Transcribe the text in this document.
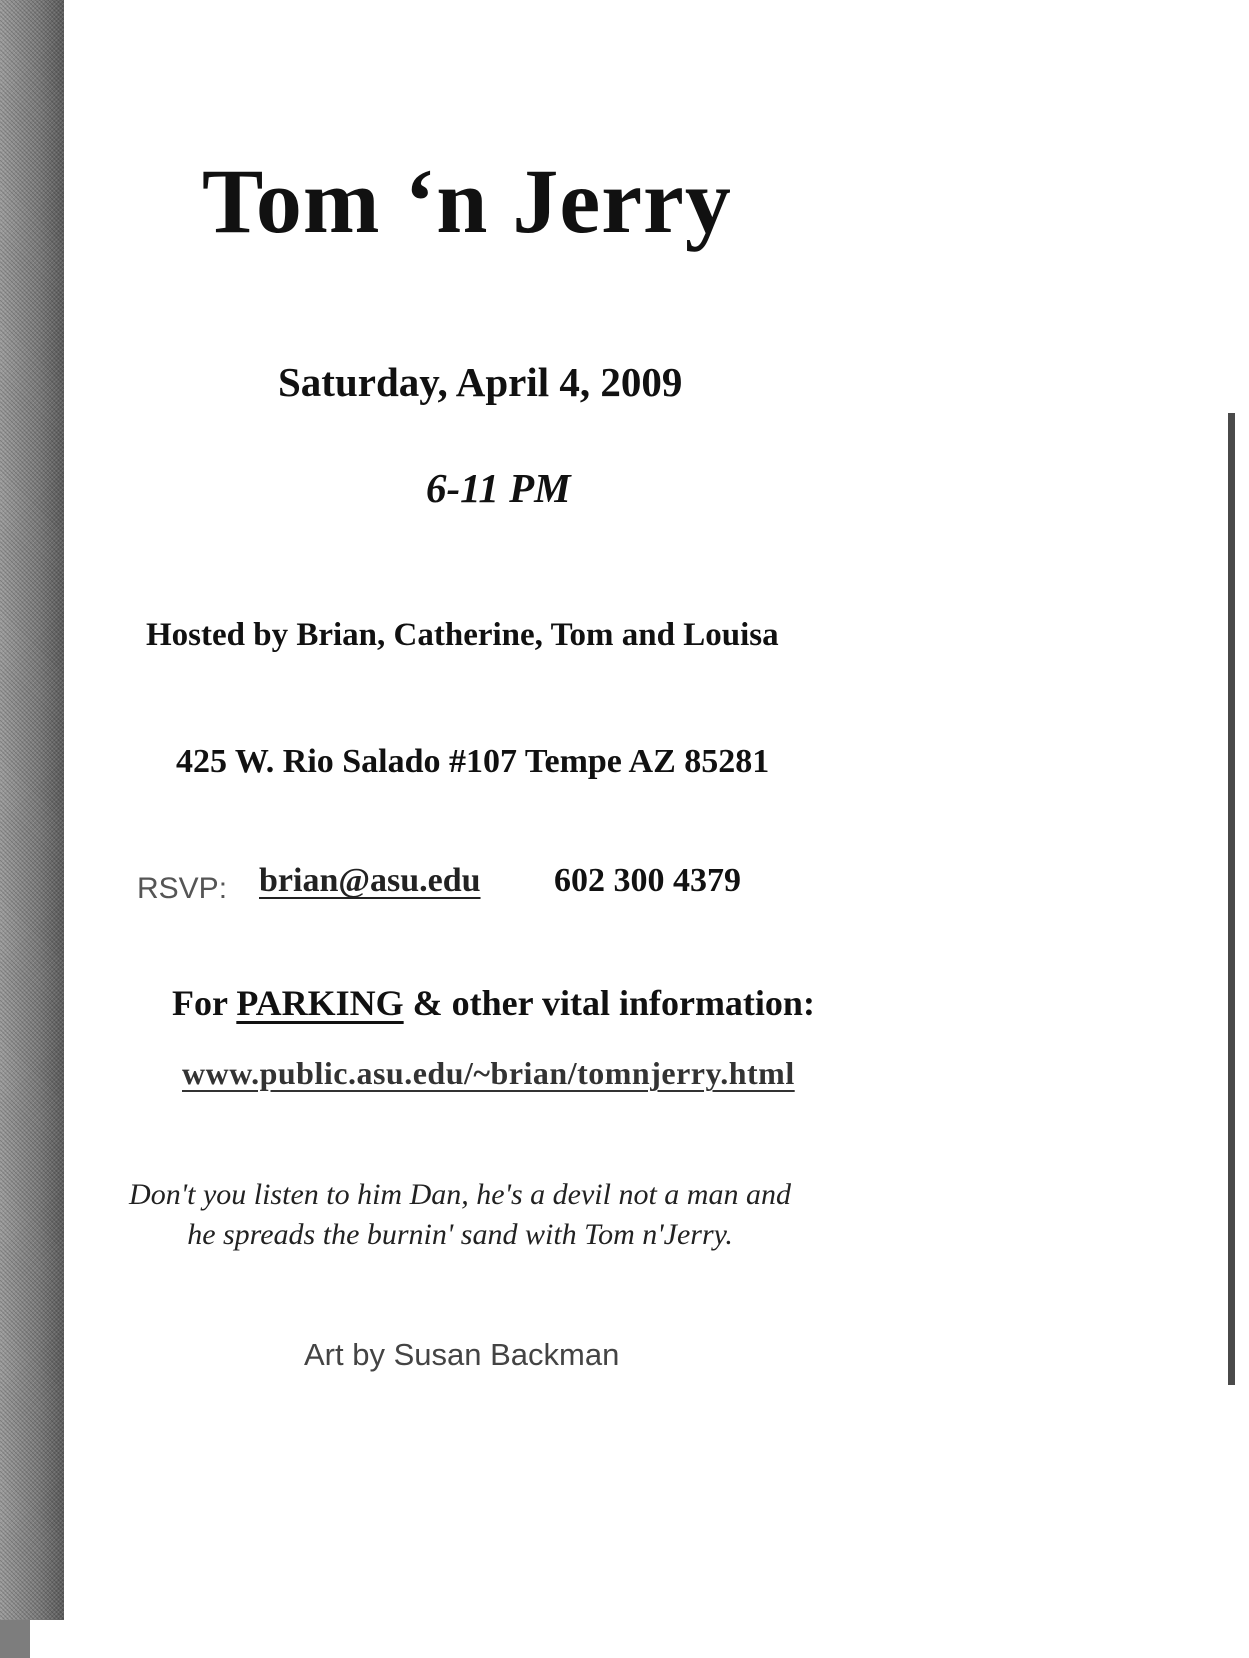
Tom ‘n Jerry
Saturday, April 4, 2009
6-11 PM
Hosted by Brian, Catherine, Tom and Louisa
425 W. Rio Salado #107 Tempe AZ 85281
RSVP: brian@asu.edu 602 300 4379
For PARKING & other vital information:
www.public.asu.edu/~brian/tomnjerry.html
Don't you listen to him Dan, he's a devil not a man and
he spreads the burnin' sand with Tom n'Jerry.
Art by Susan Backman
